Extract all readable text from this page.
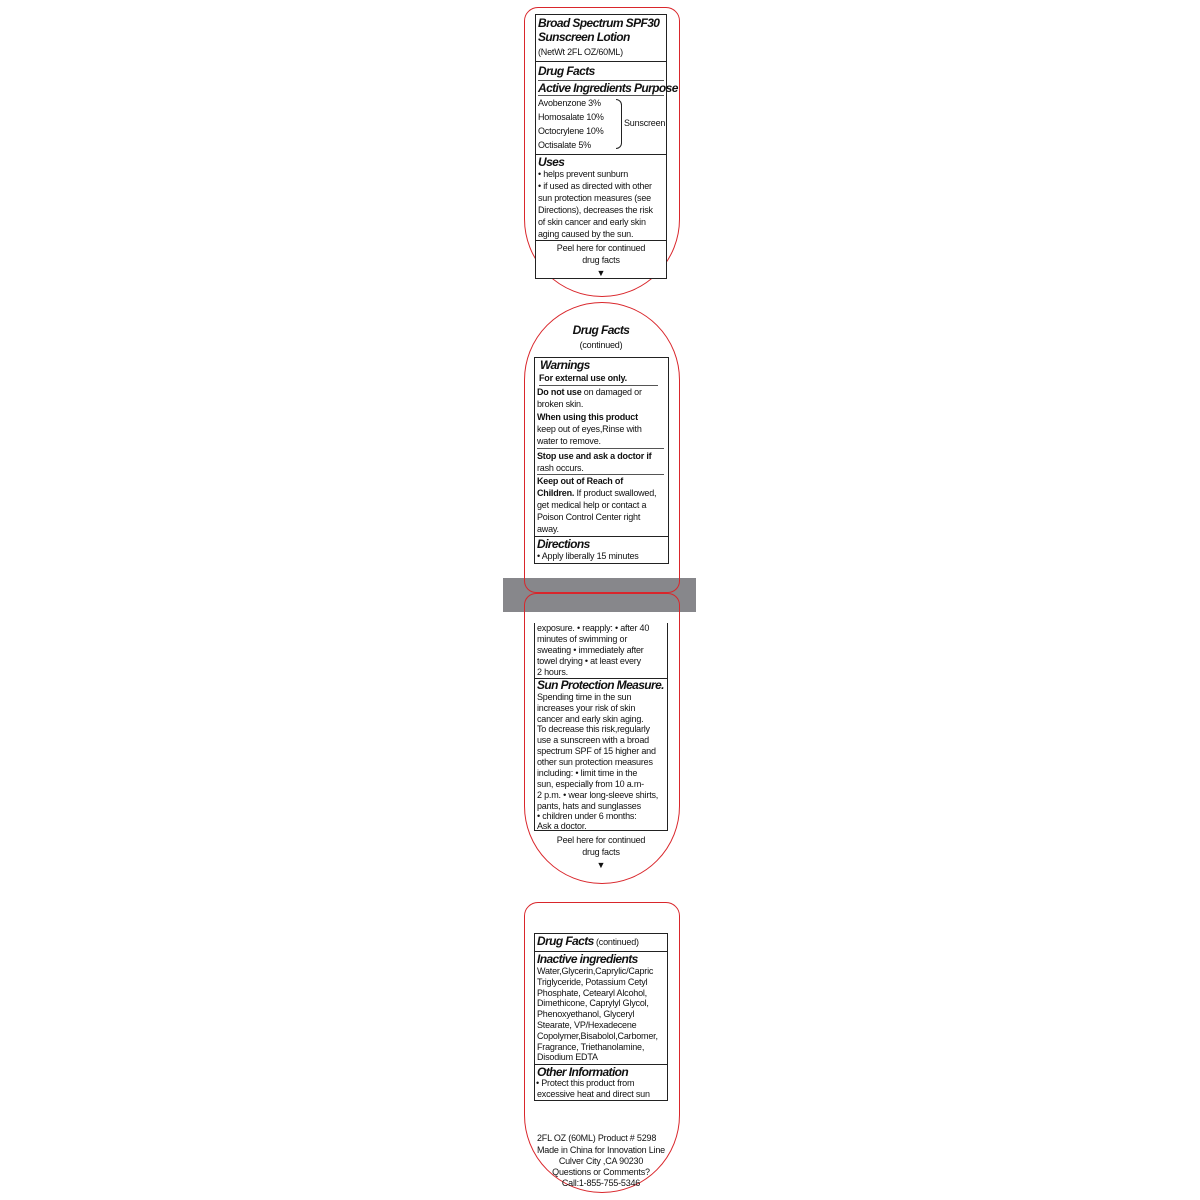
Broad Spectrum SPF30
Sunscreen Lotion
(NetWt 2FL OZ/60ML)
Drug Facts
Active Ingredients Purpose
Avobenzone 3%
Homosalate 10%
Octocrylene 10%
Octisalate 5%
Sunscreen
Uses
• helps prevent sunburn
• if used as directed with other
sun protection measures (see
Directions), decreases the risk
of skin cancer and early skin
aging caused by the sun.
Peel here for continued
drug facts
▼
Drug Facts
(continued)
Warnings
For external use only.
Do not use on damaged or
broken skin.
When using this product
keep out of eyes,Rinse with
water to remove.
Stop use and ask a doctor if
rash occurs.
Keep out of Reach of
Children. If product swallowed,
get medical help or contact a
Poison Control Center right
away.
Directions
• Apply liberally 15 minutes
exposure. • reapply: • after 40
minutes of swimming or
sweating • immediately after
towel drying • at least every
2 hours.
Sun Protection Measure.
Spending time in the sun
increases your risk of skin
cancer and early skin aging.
To decrease this risk,regularly
use a sunscreen with a broad
spectrum SPF of 15 higher and
other sun protection measures
including: • limit time in the
sun, especially from 10 a.m-
2 p.m. • wear long-sleeve shirts,
pants, hats and sunglasses
• children under 6 months:
Ask a doctor.
Peel here for continued
drug facts
▼
Drug Facts (continued)
Inactive ingredients
Water,Glycerin,Caprylic/Capric
Triglyceride, Potassium Cetyl
Phosphate, Cetearyl Alcohol,
Dimethicone, Caprylyl Glycol,
Phenoxyethanol, Glyceryl
Stearate, VP/Hexadecene
Copolymer,Bisabolol,Carbomer,
Fragrance, Triethanolamine,
Disodium EDTA
Other Information
• Protect this product from
excessive heat and direct sun
2FL OZ (60ML) Product # 5298
Made in China for Innovation Line
Culver City ,CA 90230
Questions or Comments?
Call:1-855-755-5346
